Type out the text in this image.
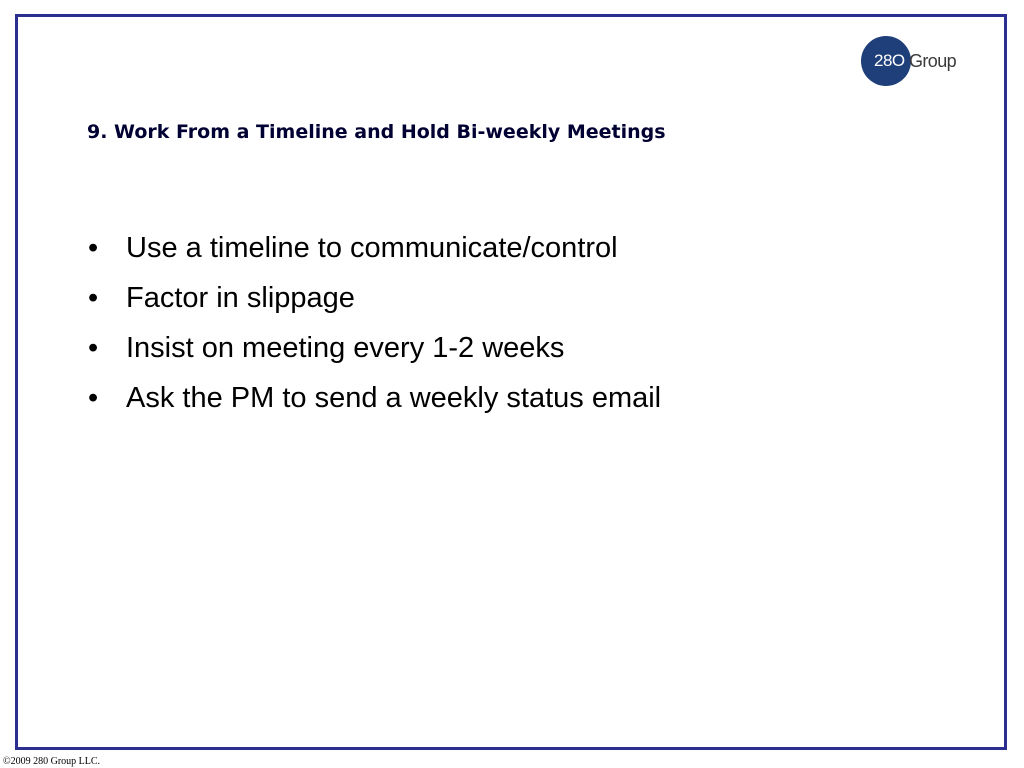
28O Group
9. Work From a Timeline and Hold Bi-weekly Meetings
• Use a timeline to communicate/control
• Factor in slippage
• Insist on meeting every 1-2 weeks
• Ask the PM to send a weekly status email
©2009 280 Group LLC.
